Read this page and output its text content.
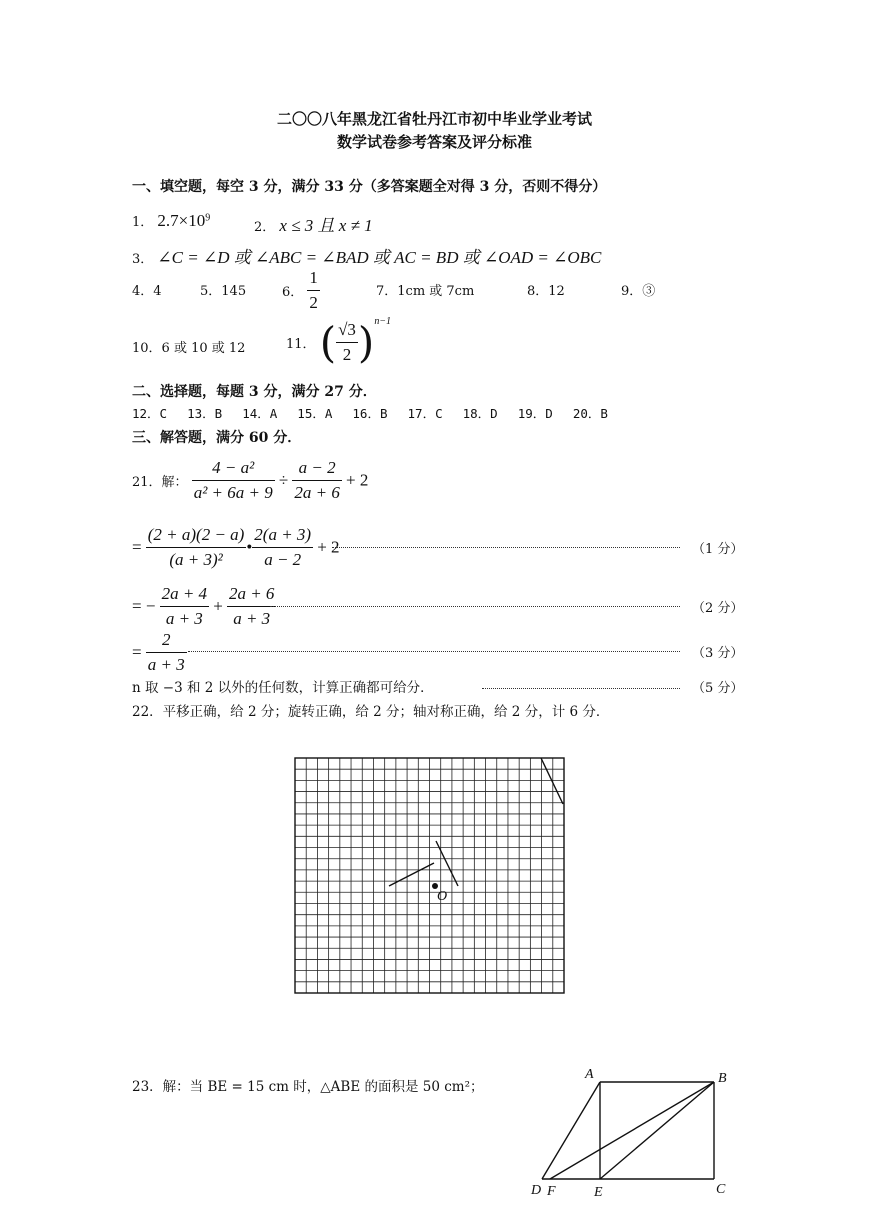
二〇〇八年黑龙江省牡丹江市初中毕业学业考试
数学试卷参考答案及评分标准
一、填空题，每空 3 分，满分 33 分（多答案题全对得 3 分，否则不得分）
1． $2.7\times 10^9$
2． x ≤ 3 且 x ≠ 1
3． ∠C = ∠D 或 ∠ABC = ∠BAD 或 AC = BD 或 ∠OAD = ∠OBC
4．4	5．145	6． $\frac{1}{2}$	7．1cm 或 7cm	8．12	9．③
10．6 或 10 或 12	11． ( $\frac{√3}{2} )^{n-1}$
二、选择题，每题 3 分，满分 27 分．
12．C　 13．B　 14．A　 15．A　 16．B　 17．C　 18．D　 19．D　 20．B
三、解答题，满分 60 分．
21．解： $\frac{\text{4 − a²}}{\text{a² + 6a + 9}} \div \frac{a - 2}{2a + 6} + 2$
= $\frac{(2 + a)(2 - a)}{\text{(a + 3)²}}$ • $\frac{2(a + 3)}{a - 2} + 2$	（1 分）
= − $\frac{2a + 4}{a + 3} + \frac{2a + 6}{a + 3}$	（2 分）
= $\frac{2}{a + 3}$	（3 分）
n 取 −3 和 2 以外的任何数，计算正确都可给分．	（5 分）
22．平移正确，给 2 分；旋转正确，给 2 分；轴对称正确，给 2 分，计 6 分．
O
23．解：当 BE = 15 cm 时，△ABE 的面积是 50 cm²；
A	B
C
D	E
F
